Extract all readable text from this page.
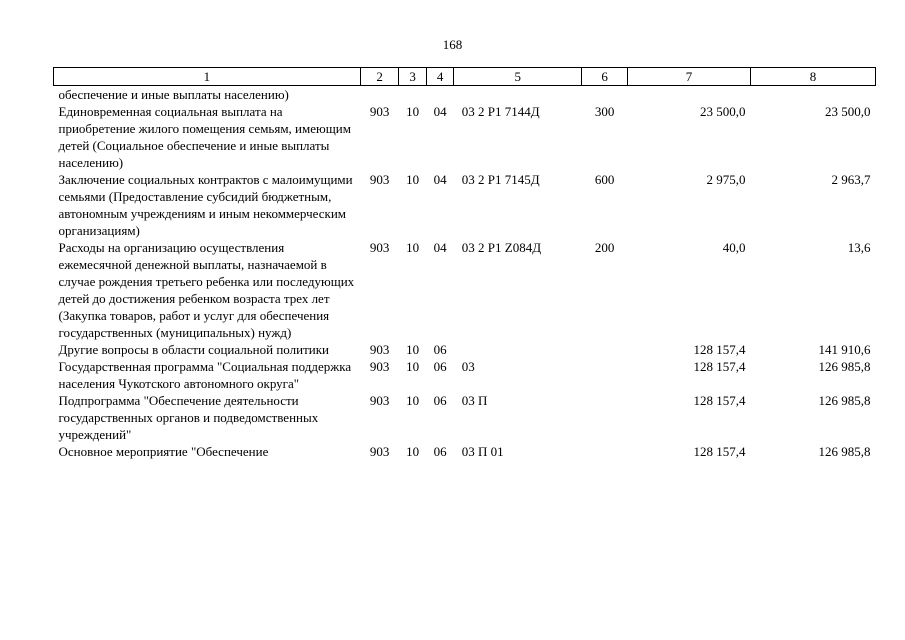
168
1	2	3	4	5	6	7	8
обеспечение и иные выплаты населению)							
Единовременная социальная выплата на приобретение жилого помещения семьям, имеющим детей (Социальное обеспечение и иные выплаты населению)	903	10	04	03 2 Р1 7144Д	300	23 500,0	23 500,0
Заключение социальных контрактов с малоимущими семьями (Предоставление субсидий бюджетным, автономным учреждениям и иным некоммерческим организациям)	903	10	04	03 2 Р1 7145Д	600	2 975,0	2 963,7
Расходы на организацию осуществления ежемесячной денежной выплаты, назначаемой в случае рождения третьего ребенка или последующих детей до достижения ребенком возраста трех лет (Закупка товаров, работ и услуг для обеспечения государственных (муниципальных) нужд)	903	10	04	03 2 Р1 Z084Д	200	40,0	13,6
Другие вопросы в области социальной политики	903	10	06			128 157,4	141 910,6
Государственная программа "Социальная поддержка населения Чукотского автономного округа"	903	10	06	03		128 157,4	126 985,8
Подпрограмма "Обеспечение деятельности государственных органов и подведомственных учреждений"	903	10	06	03 П		128 157,4	126 985,8
Основное мероприятие "Обеспечение	903	10	06	03 П 01		128 157,4	126 985,8
